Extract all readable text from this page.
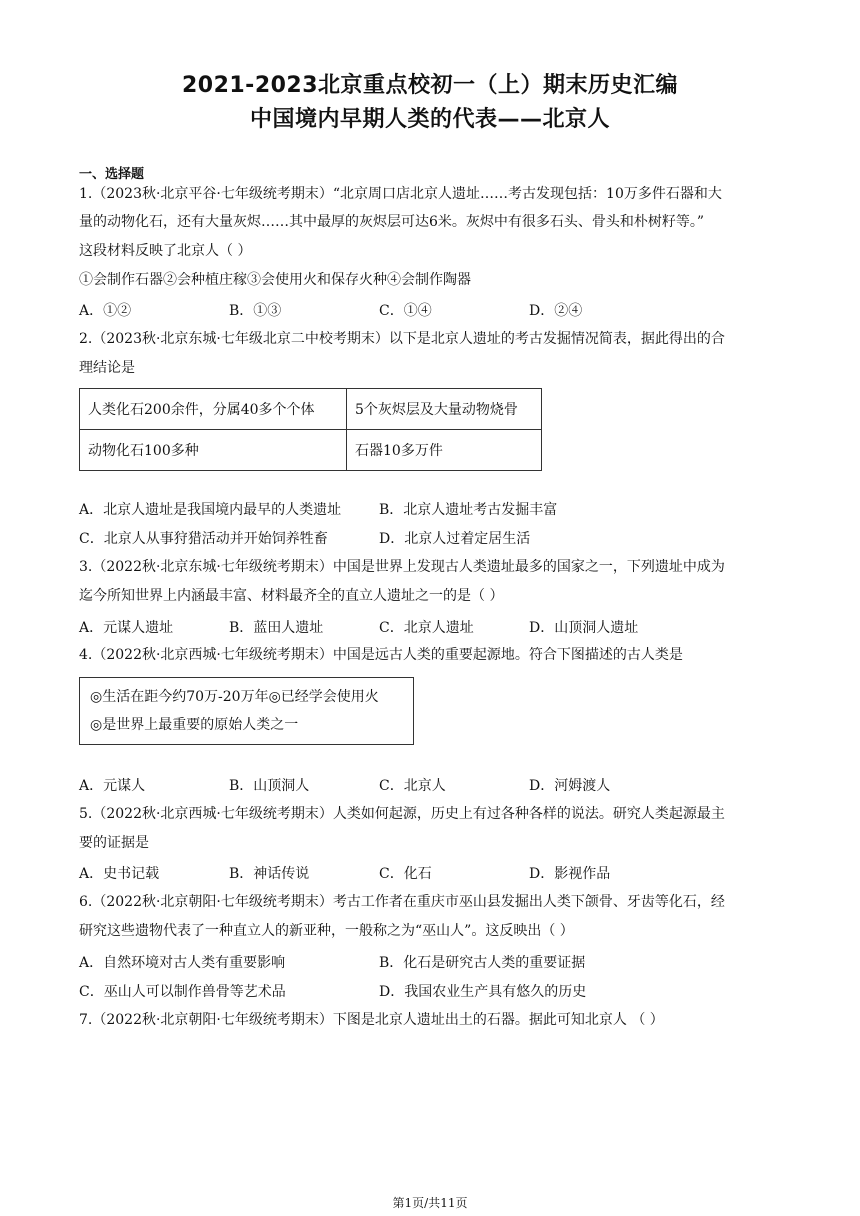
2021-2023北京重点校初一（上）期末历史汇编
中国境内早期人类的代表——北京人
一、选择题
1.（2023秋·北京平谷·七年级统考期末）“北京周口店北京人遗址……考古发现包括：10万多件石器和大
量的动物化石，还有大量灰烬……其中最厚的灰烬层可达6米。灰烬中有很多石头、骨头和朴树籽等。”
这段材料反映了北京人（ ）
①会制作石器②会种植庄稼③会使用火和保存火种④会制作陶器
A．①②	B．①③	C．①④	D．②④
2.（2023秋·北京东城·七年级北京二中校考期末）以下是北京人遗址的考古发掘情况简表，据此得出的合
理结论是
人类化石200余件，分属40多个个体	5个灰烬层及大量动物烧骨
动物化石100多种	石器10多万件
A．北京人遗址是我国境内最早的人类遗址	B．北京人遗址考古发掘丰富
C．北京人从事狩猎活动并开始饲养牲畜	D．北京人过着定居生活
3.（2022秋·北京东城·七年级统考期末）中国是世界上发现古人类遗址最多的国家之一，下列遗址中成为
迄今所知世界上内涵最丰富、材料最齐全的直立人遗址之一的是（ ）
A．元谋人遗址	B．蓝田人遗址	C．北京人遗址	D．山顶洞人遗址
4.（2022秋·北京西城·七年级统考期末）中国是远古人类的重要起源地。符合下图描述的古人类是
◎生活在距今约70万-20万年◎已经学会使用火
◎是世界上最重要的原始人类之一
A．元谋人	B．山顶洞人	C．北京人	D．河姆渡人
5.（2022秋·北京西城·七年级统考期末）人类如何起源，历史上有过各种各样的说法。研究人类起源最主
要的证据是
A．史书记载	B．神话传说	C．化石	D．影视作品
6.（2022秋·北京朝阳·七年级统考期末）考古工作者在重庆市巫山县发掘出人类下颌骨、牙齿等化石，经
研究这些遗物代表了一种直立人的新亚种，一般称之为“巫山人”。这反映出（ ）
A．自然环境对古人类有重要影响	B．化石是研究古人类的重要证据
C．巫山人可以制作兽骨等艺术品	D．我国农业生产具有悠久的历史
7.（2022秋·北京朝阳·七年级统考期末）下图是北京人遗址出土的石器。据此可知北京人 （ ）
第1页/共11页
